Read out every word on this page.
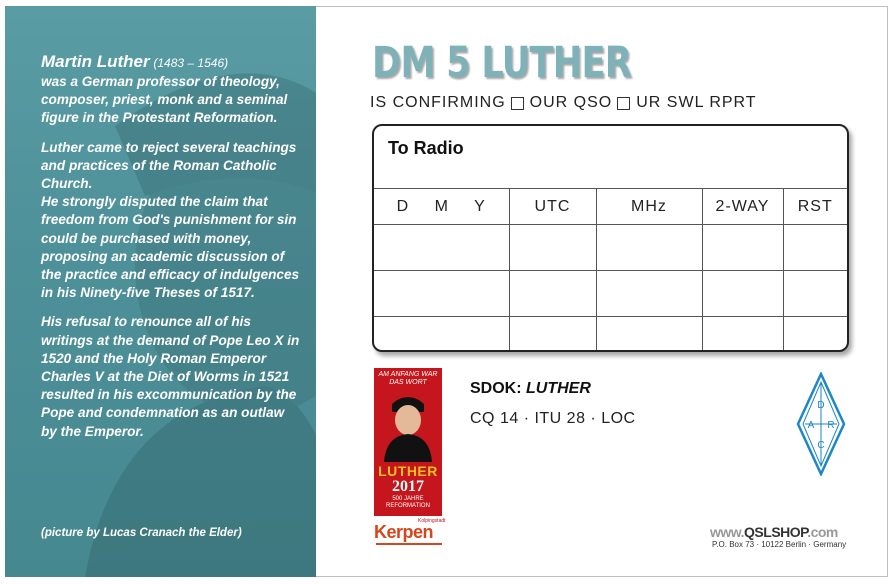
Martin Luther (1483 – 1546)
was a German professor of theology, composer, priest, monk and a seminal figure in the Protestant Reformation.

Luther came to reject several teachings and practices of the Roman Catholic Church.

He strongly disputed the claim that freedom from God's punishment for sin could be purchased with money, proposing an academic discussion of the practice and efficacy of indulgences in his Ninety-five Theses of 1517.

His refusal to renounce all of his writings at the demand of Pope Leo X in 1520 and the Holy Roman Emperor Charles V at the Diet of Worms in 1521 resulted in his excommunication by the Pope and condemnation as an outlaw by the Emperor.

(picture by Lucas Cranach the Elder)
DM 5 LUTHER
IS CONFIRMING OUR QSO UR SWL RPRT
To Radio
D M Y	UTC	MHz	2-WAY	RST

AM ANFANG WAR DAS WORT
LUTHER
2017
500 JAHRE REFORMATION
Kolpingstadt
Kerpen
SDOK: LUTHER
CQ 14 · ITU 28 · LOC
D
A R
C
www.QSLSHOP.com
P.O. Box 73 · 10122 Berlin · Germany
